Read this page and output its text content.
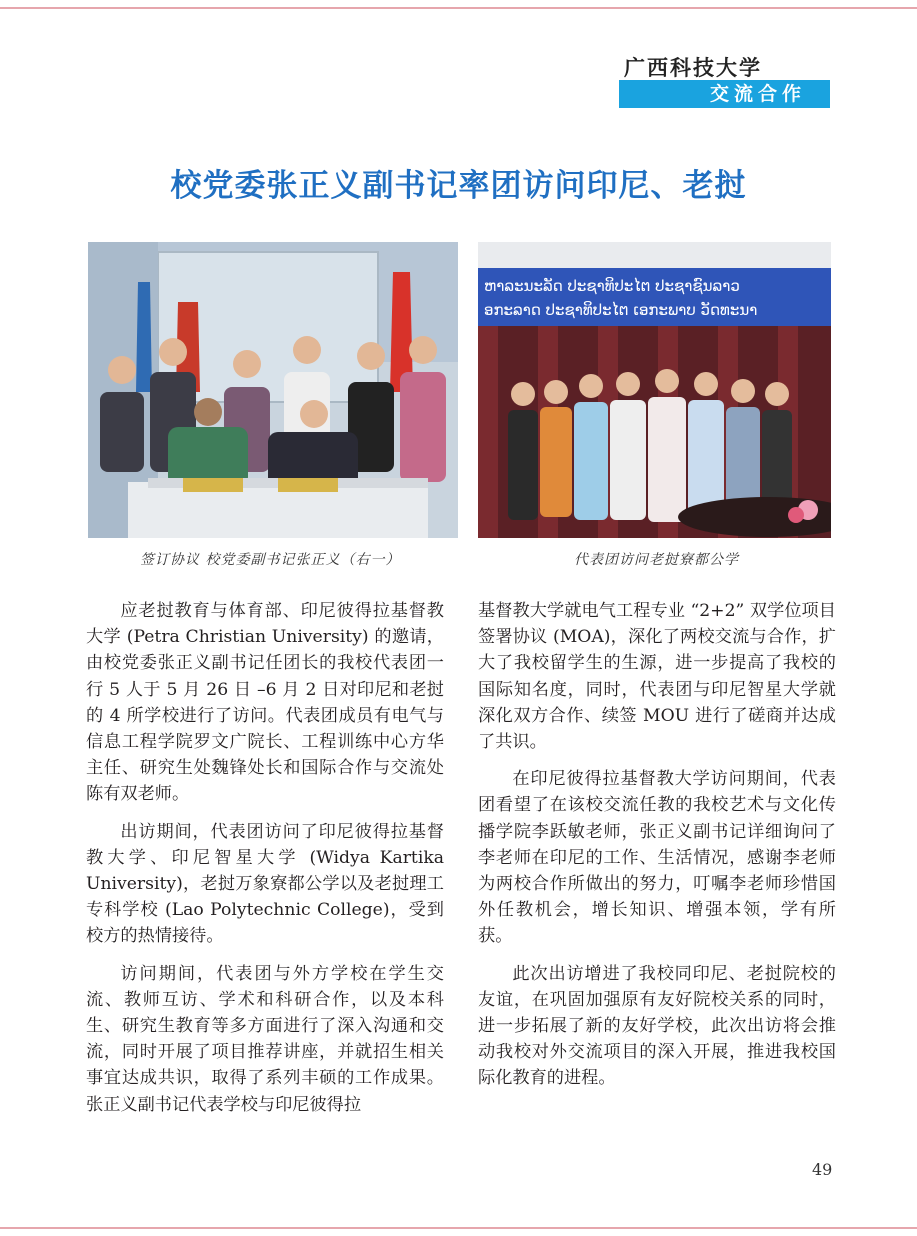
广西科技大学
交流合作
校党委张正义副书记率团访问印尼、老挝
ຫາລະນະລັດ ປະຊາທິປະໄຕ ປະຊາຊົນລາວ
ອກະລາດ ປະຊາທິປະໄຕ ເອກະພາບ ວັດທະນາ
签订协议 校党委副书记张正义（右一）	代表团访问老挝寮都公学

应老挝教育与体育部、印尼彼得拉基督教大学 (Petra Christian University) 的邀请，由校党委张正义副书记任团长的我校代表团一行 5 人于 5 月 26 日 –6 月 2 日对印尼和老挝的 4 所学校进行了访问。代表团成员有电气与信息工程学院罗文广院长、工程训练中心方华主任、研究生处魏锋处长和国际合作与交流处陈有双老师。

出访期间，代表团访问了印尼彼得拉基督教大学、印尼智星大学 (Widya Kartika University)，老挝万象寮都公学以及老挝理工专科学校 (Lao Polytechnic College)，受到校方的热情接待。

访问期间，代表团与外方学校在学生交流、教师互访、学术和科研合作，以及本科生、研究生教育等多方面进行了深入沟通和交流，同时开展了项目推荐讲座，并就招生相关事宜达成共识，取得了系列丰硕的工作成果。张正义副书记代表学校与印尼彼得拉

基督教大学就电气工程专业 “2+2” 双学位项目签署协议 (MOA)，深化了两校交流与合作，扩大了我校留学生的生源，进一步提高了我校的国际知名度，同时，代表团与印尼智星大学就深化双方合作、续签 MOU 进行了磋商并达成了共识。

在印尼彼得拉基督教大学访问期间，代表团看望了在该校交流任教的我校艺术与文化传播学院李跃敏老师，张正义副书记详细询问了李老师在印尼的工作、生活情况，感谢李老师为两校合作所做出的努力，叮嘱李老师珍惜国外任教机会，增长知识、增强本领，学有所获。

此次出访增进了我校同印尼、老挝院校的友谊，在巩固加强原有友好院校关系的同时，进一步拓展了新的友好学校，此次出访将会推动我校对外交流项目的深入开展，推进我校国际化教育的进程。

49
